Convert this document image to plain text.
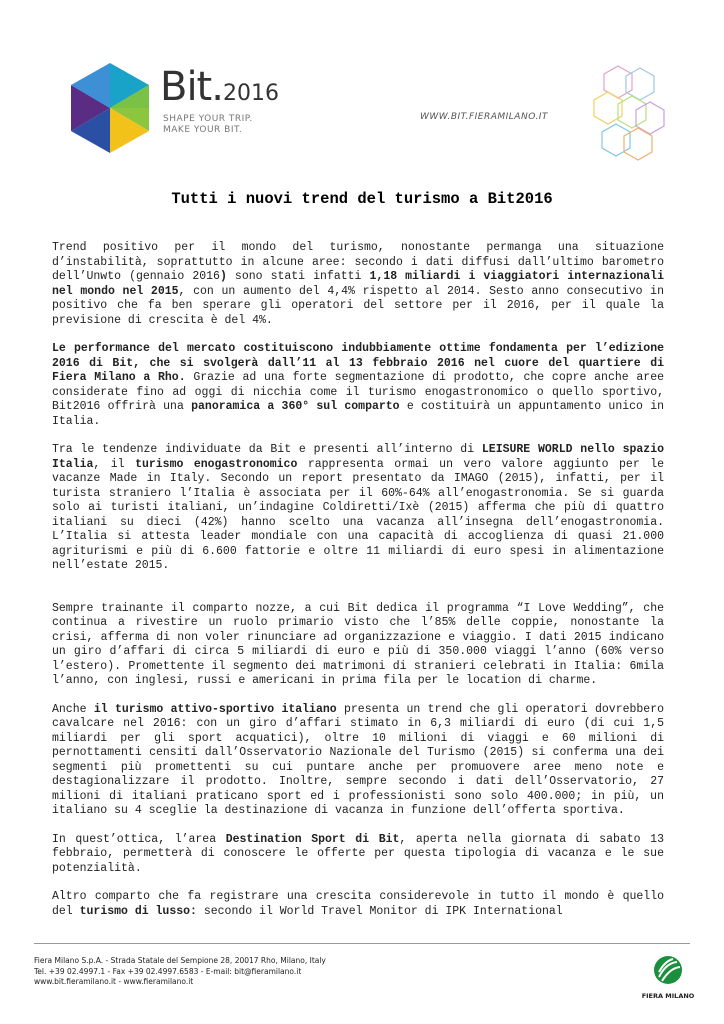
Bit.2016
SHAPE YOUR TRIP.
MAKE YOUR BIT.
WWW.BIT.FIERAMILANO.IT
Tutti i nuovi trend del turismo a Bit2016

Trend positivo per il mondo del turismo, nonostante permanga una situazione d’instabilità, soprattutto in alcune aree: secondo i dati diffusi dall’ultimo barometro dell’Unwto (gennaio 2016) sono stati infatti 1,18 miliardi i viaggiatori internazionali nel mondo nel 2015, con un aumento del 4,4% rispetto al 2014. Sesto anno consecutivo in positivo che fa ben sperare gli operatori del settore per il 2016, per il quale la previsione di crescita è del 4%.

Le performance del mercato costituiscono indubbiamente ottime fondamenta per l’edizione 2016 di Bit, che si svolgerà dall’11 al 13 febbraio 2016 nel cuore del quartiere di Fiera Milano a Rho. Grazie ad una forte segmentazione di prodotto, che copre anche aree considerate fino ad oggi di nicchia come il turismo enogastronomico o quello sportivo, Bit2016 offrirà una panoramica a 360° sul comparto e costituirà un appuntamento unico in Italia.

Tra le tendenze individuate da Bit e presenti all’interno di LEISURE WORLD nello spazio Italia, il turismo enogastronomico rappresenta ormai un vero valore aggiunto per le vacanze Made in Italy. Secondo un report presentato da IMAGO (2015), infatti, per il turista straniero l’Italia è associata per il 60%-64% all’enogastronomia. Se si guarda solo ai turisti italiani, un’indagine Coldiretti/Ixè (2015) afferma che più di quattro italiani su dieci (42%) hanno scelto una vacanza all’insegna dell’enogastronomia. L’Italia si attesta leader mondiale con una capacità di accoglienza di quasi 21.000 agriturismi e più di 6.600 fattorie e oltre 11 miliardi di euro spesi in alimentazione nell’estate 2015.

Sempre trainante il comparto nozze, a cui Bit dedica il programma “I Love Wedding”, che continua a rivestire un ruolo primario visto che l’85% delle coppie, nonostante la crisi, afferma di non voler rinunciare ad organizzazione e viaggio. I dati 2015 indicano un giro d’affari di circa 5 miliardi di euro e più di 350.000 viaggi l’anno (60% verso l’estero). Promettente il segmento dei matrimoni di stranieri celebrati in Italia: 6mila l’anno, con inglesi, russi e americani in prima fila per le location di charme.

Anche il turismo attivo-sportivo italiano presenta un trend che gli operatori dovrebbero cavalcare nel 2016: con un giro d’affari stimato in 6,3 miliardi di euro (di cui 1,5 miliardi per gli sport acquatici), oltre 10 milioni di viaggi e 60 milioni di pernottamenti censiti dall’Osservatorio Nazionale del Turismo (2015) si conferma una dei segmenti più promettenti su cui puntare anche per promuovere aree meno note e destagionalizzare il prodotto. Inoltre, sempre secondo i dati dell’Osservatorio, 27 milioni di italiani praticano sport ed i professionisti sono solo 400.000; in più, un italiano su 4 sceglie la destinazione di vacanza in funzione dell’offerta sportiva.

In quest’ottica, l’area Destination Sport di Bit, aperta nella giornata di sabato 13 febbraio, permetterà di conoscere le offerte per questa tipologia di vacanza e le sue potenzialità.

Altro comparto che fa registrare una crescita considerevole in tutto il mondo è quello del turismo di lusso: secondo il World Travel Monitor di IPK International

Fiera Milano S.p.A. - Strada Statale del Sempione 28, 20017 Rho, Milano, Italy
Tel. +39 02.4997.1 - Fax +39 02.4997.6583 - E-mail: bit@fieramilano.it
www.bit.fieramilano.it - www.fieramilano.it
FIERA MILANO
